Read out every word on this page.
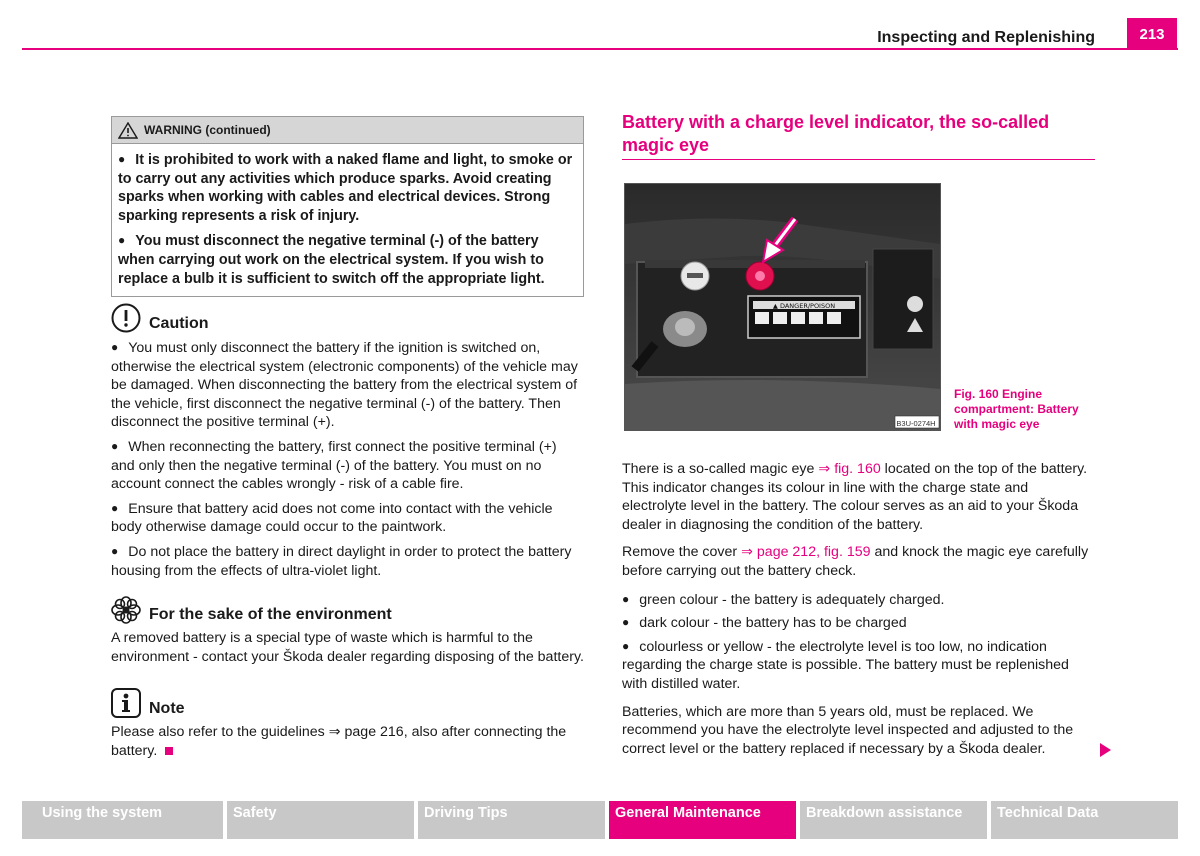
Inspecting and Replenishing	213
WARNING (continued)

● It is prohibited to work with a naked flame and light, to smoke or to carry out any activities which produce sparks. Avoid creating sparks when working with cables and electrical devices. Strong sparking represents a risk of injury.

● You must disconnect the negative terminal (-) of the battery when carrying out work on the electrical system. If you wish to replace a bulb it is sufficient to switch off the appropriate light.

Caution

● You must only disconnect the battery if the ignition is switched on, otherwise the electrical system (electronic components) of the vehicle may be damaged. When disconnecting the battery from the electrical system of the vehicle, first disconnect the negative terminal (-) of the battery. Then disconnect the positive terminal (+).

● When reconnecting the battery, first connect the positive terminal (+) and only then the negative terminal (-) of the battery. You must on no account connect the cables wrongly - risk of a cable fire.

● Ensure that battery acid does not come into contact with the vehicle body otherwise damage could occur to the paintwork.

● Do not place the battery in direct daylight in order to protect the battery housing from the effects of ultra-violet light.

For the sake of the environment

A removed battery is a special type of waste which is harmful to the environment - contact your Škoda dealer regarding disposing of the battery.

Note

Please also refer to the guidelines ⇒ page 216, also after connecting the battery.

Battery with a charge level indicator, the so-called magic eye
▲ DANGER/POISON
B3U-0274H
Fig. 160 Engine compartment: Battery with magic eye

There is a so-called magic eye ⇒ fig. 160 located on the top of the battery. This indicator changes its colour in line with the charge state and electrolyte level in the battery. The colour serves as an aid to your Škoda dealer in diagnosing the condition of the battery.

Remove the cover ⇒ page 212, fig. 159 and knock the magic eye carefully before carrying out the battery check.

● green colour - the battery is adequately charged.

● dark colour - the battery has to be charged

● colourless or yellow - the electrolyte level is too low, no indication regarding the charge state is possible. The battery must be replenished with distilled water.

Batteries, which are more than 5 years old, must be replaced. We recommend you have the electrolyte level inspected and adjusted to the correct level or the battery replaced if necessary by a Škoda dealer.

Using the system	Safety	Driving Tips	General Maintenance	Breakdown assistance	Technical Data
